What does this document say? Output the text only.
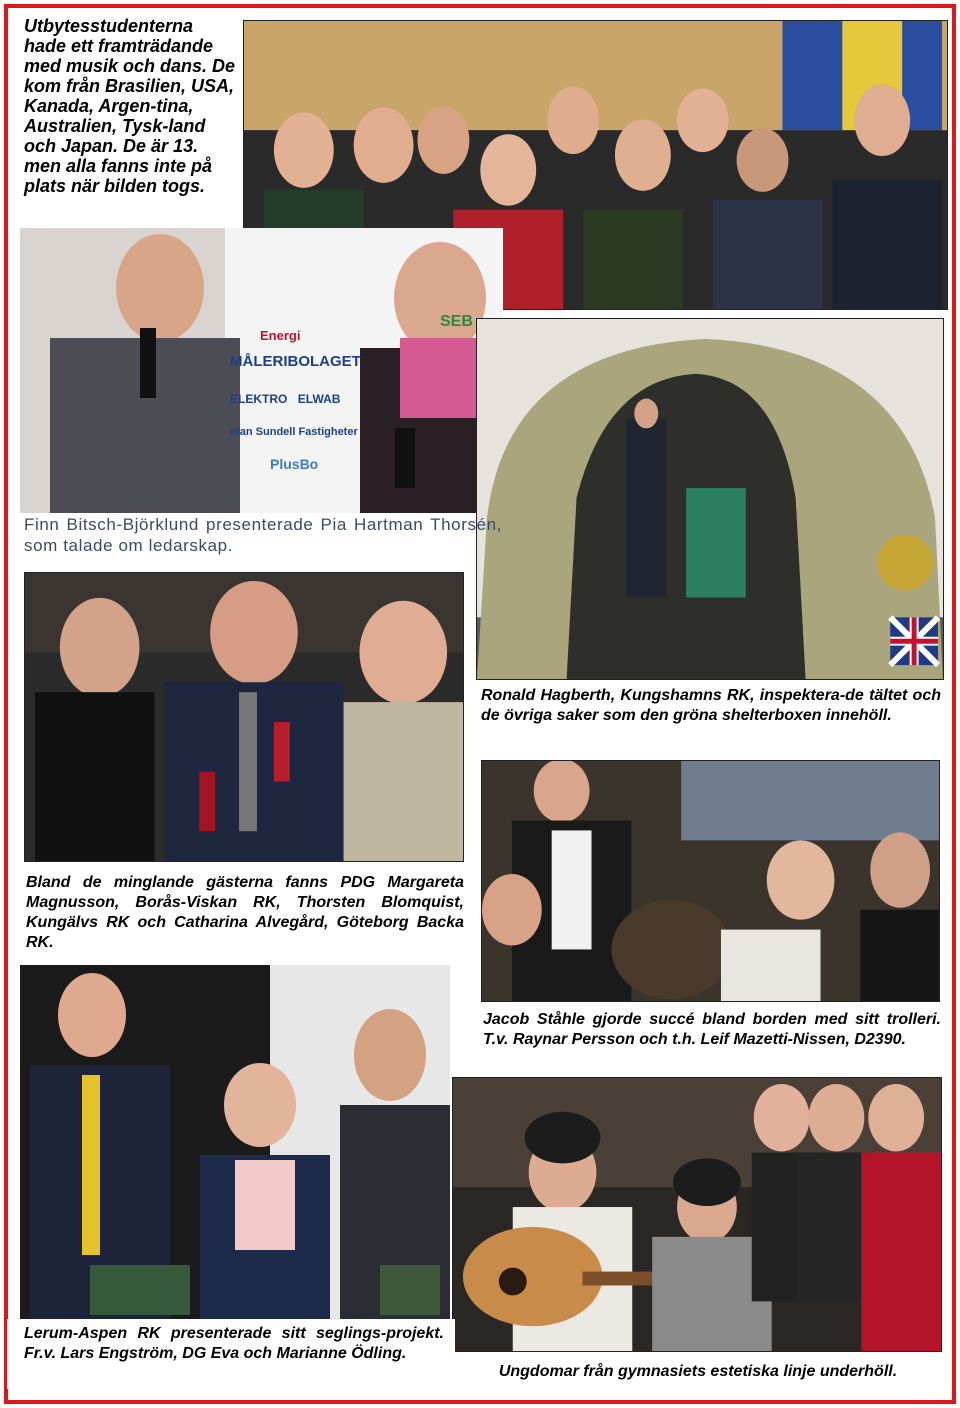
Energi
MÅLERIBOLAGET
ELEKTRO ELWAB
efan Sundell Fastigheter
PlusBo
SEB

Utbytesstudenterna hade ett framträdande med musik och dans. De kom från Brasilien, USA, Kanada, Argen-tina, Australien, Tysk-land och Japan. De är 13. men alla fanns inte på plats när bilden togs.

Finn Bitsch-Björklund presenterade Pia Hartman Thorsén, som talade om ledarskap.

Ronald Hagberth, Kungshamns RK, inspektera-de tältet och de övriga saker som den gröna shelterboxen innehöll.

Bland de minglande gästerna fanns PDG Margareta Magnusson, Borås-Viskan RK, Thorsten Blomquist, Kungälvs RK och Catharina Alvegård, Göteborg Backa RK.

Jacob Ståhle gjorde succé bland borden med sitt trolleri. T.v. Raynar Persson och t.h. Leif Mazetti-Nissen, D2390.

Lerum-Aspen RK presenterade sitt seglings-projekt. Fr.v. Lars Engström, DG Eva och Marianne Ödling.

Ungdomar från gymnasiets estetiska linje underhöll.
